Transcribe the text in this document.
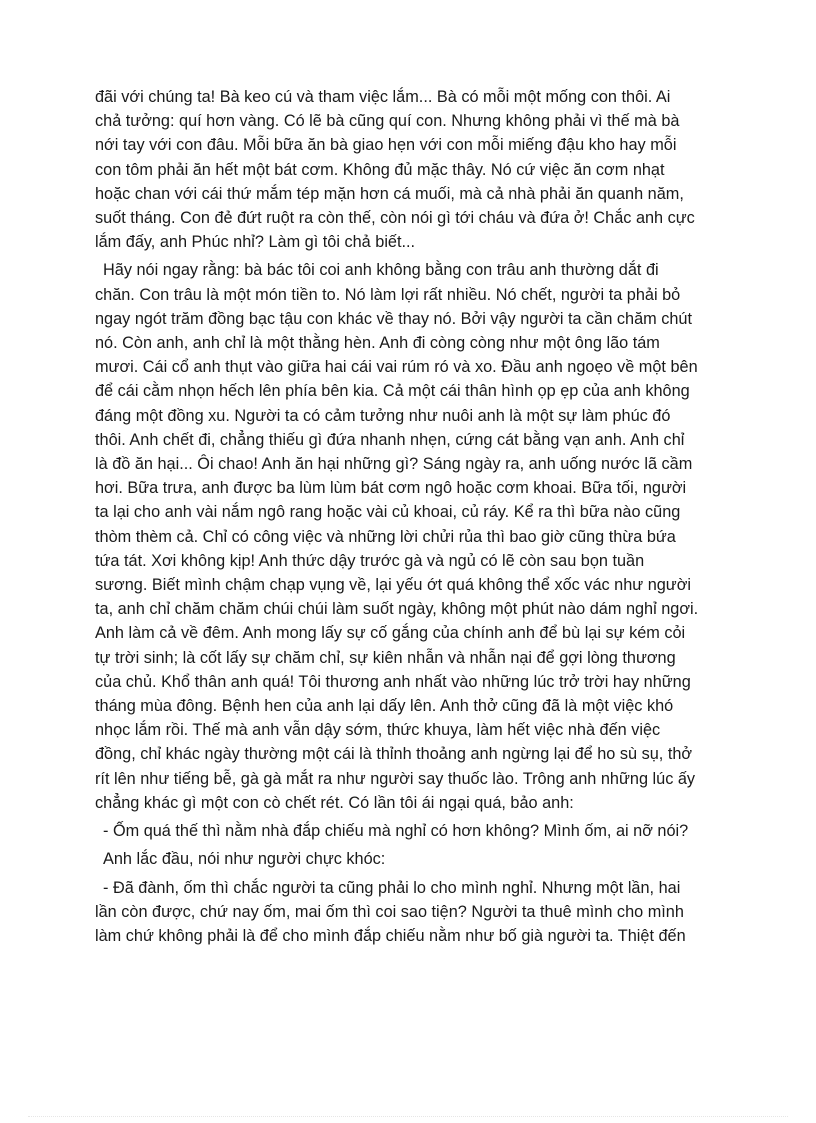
đãi với chúng ta! Bà keo cú và tham việc lắm... Bà có mỗi một mống con thôi. Ai
chả tưởng: quí hơn vàng. Có lẽ bà cũng quí con. Nhưng không phải vì thế mà bà
nới tay với con đâu. Mỗi bữa ăn bà giao hẹn với con mỗi miếng đậu kho hay mỗi
con tôm phải ăn hết một bát cơm. Không đủ mặc thây. Nó cứ việc ăn cơm nhạt
hoặc chan với cái thứ mắm tép mặn hơn cá muối, mà cả nhà phải ăn quanh năm,
suốt tháng. Con đẻ đứt ruột ra còn thế, còn nói gì tới cháu và đứa ở! Chắc anh cực
lắm đấy, anh Phúc nhỉ? Làm gì tôi chả biết...

Hãy nói ngay rằng: bà bác tôi coi anh không bằng con trâu anh thường dắt đi
chăn. Con trâu là một món tiền to. Nó làm lợi rất nhiều. Nó chết, người ta phải bỏ
ngay ngót trăm đồng bạc tậu con khác về thay nó. Bởi vậy người ta cần chăm chút
nó. Còn anh, anh chỉ là một thằng hèn. Anh đi còng còng như một ông lão tám
mươi. Cái cổ anh thụt vào giữa hai cái vai rúm ró và xo. Đầu anh ngoẹo về một bên
để cái cằm nhọn hếch lên phía bên kia. Cả một cái thân hình ọp ẹp của anh không
đáng một đồng xu. Người ta có cảm tưởng như nuôi anh là một sự làm phúc đó
thôi. Anh chết đi, chẳng thiếu gì đứa nhanh nhẹn, cứng cát bằng vạn anh. Anh chỉ
là đồ ăn hại... Ôi chao! Anh ăn hại những gì? Sáng ngày ra, anh uống nước lã cầm
hơi. Bữa trưa, anh được ba lùm lùm bát cơm ngô hoặc cơm khoai. Bữa tối, người
ta lại cho anh vài nắm ngô rang hoặc vài củ khoai, củ ráy. Kể ra thì bữa nào cũng
thòm thèm cả. Chỉ có công việc và những lời chửi rủa thì bao giờ cũng thừa bứa
tứa tát. Xơi không kịp! Anh thức dậy trước gà và ngủ có lẽ còn sau bọn tuần
sương. Biết mình chậm chạp vụng về, lại yếu ớt quá không thể xốc vác như người
ta, anh chỉ chăm chăm chúi chúi làm suốt ngày, không một phút nào dám nghỉ ngơi.
Anh làm cả về đêm. Anh mong lấy sự cố gắng của chính anh để bù lại sự kém cỏi
tự trời sinh; là cốt lấy sự chăm chỉ, sự kiên nhẫn và nhẫn nại để gợi lòng thương
của chủ. Khổ thân anh quá! Tôi thương anh nhất vào những lúc trở trời hay những
tháng mùa đông. Bệnh hen của anh lại dấy lên. Anh thở cũng đã là một việc khó
nhọc lắm rồi. Thế mà anh vẫn dậy sớm, thức khuya, làm hết việc nhà đến việc
đồng, chỉ khác ngày thường một cái là thỉnh thoảng anh ngừng lại để ho sù sụ, thở
rít lên như tiếng bễ, gà gà mắt ra như người say thuốc lào. Trông anh những lúc ấy
chẳng khác gì một con cò chết rét. Có lần tôi ái ngại quá, bảo anh:

- Ốm quá thế thì nằm nhà đắp chiếu mà nghỉ có hơn không? Mình ốm, ai nỡ nói?

Anh lắc đầu, nói như người chực khóc:

- Đã đành, ốm thì chắc người ta cũng phải lo cho mình nghỉ. Nhưng một lần, hai
lần còn được, chứ nay ốm, mai ốm thì coi sao tiện? Người ta thuê mình cho mình
làm chứ không phải là để cho mình đắp chiếu nằm như bố già người ta. Thiệt đến
